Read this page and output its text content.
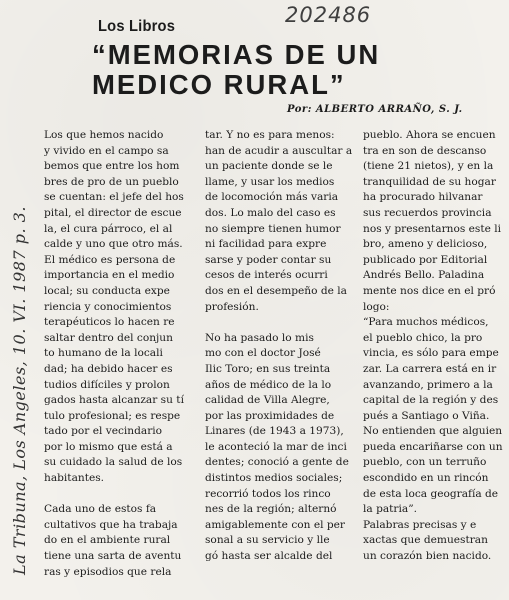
Los Libros	202486
“MEMORIAS DE UN
MEDICO RURAL”
Por: ALBERTO ARRAÑO, S. J.
La Tribuna, Los Angeles, 10. VI. 1987 p. 3.
Los que hemos nacido
y vivido en el campo sa
bemos que entre los hom
bres de pro de un pueblo
se cuentan: el jefe del hos
pital, el director de escue
la, el cura párroco, el al
calde y uno que otro más.
El médico es persona de
importancia en el medio
local; su conducta expe
riencia y conocimientos
terapéuticos lo hacen re
saltar dentro del conjun
to humano de la locali
dad; ha debido hacer es
tudios difíciles y prolon
gados hasta alcanzar su tí
tulo profesional; es respe
tado por el vecindario
por lo mismo que está a
su cuidado la salud de los
habitantes.
Cada uno de estos fa
cultativos que ha trabaja
do en el ambiente rural
tiene una sarta de aventu
ras y episodios que rela
tar. Y no es para menos:
han de acudir a auscultar a
un paciente donde se le
llame, y usar los medios
de locomoción más varia
dos. Lo malo del caso es
no siempre tienen humor
ni facilidad para expre
sarse y poder contar su
cesos de interés ocurri
dos en el desempeño de la
profesión.
No ha pasado lo mis
mo con el doctor José
Ilic Toro; en sus treinta
años de médico de la lo
calidad de Villa Alegre,
por las proximidades de
Linares (de 1943 a 1973),
le aconteció la mar de inci
dentes; conoció a gente de
distintos medios sociales;
recorrió todos los rinco
nes de la región; alternó
amigablemente con el per
sonal a su servicio y lle
gó hasta ser alcalde del
pueblo. Ahora se encuen
tra en son de descanso
(tiene 21 nietos), y en la
tranquilidad de su hogar
ha procurado hilvanar
sus recuerdos provincia
nos y presentarnos este li
bro, ameno y delicioso,
publicado por Editorial
Andrés Bello. Paladina
mente nos dice en el pró
logo:
“Para muchos médicos,
el pueblo chico, la pro
vincia, es sólo para empe
zar. La carrera está en ir
avanzando, primero a la
capital de la región y des
pués a Santiago o Viña.
No entienden que alguien
pueda encariñarse con un
pueblo, con un terruño
escondido en un rincón
de esta loca geografía de
la patria”.
Palabras precisas y e
xactas que demuestran
un corazón bien nacido.
